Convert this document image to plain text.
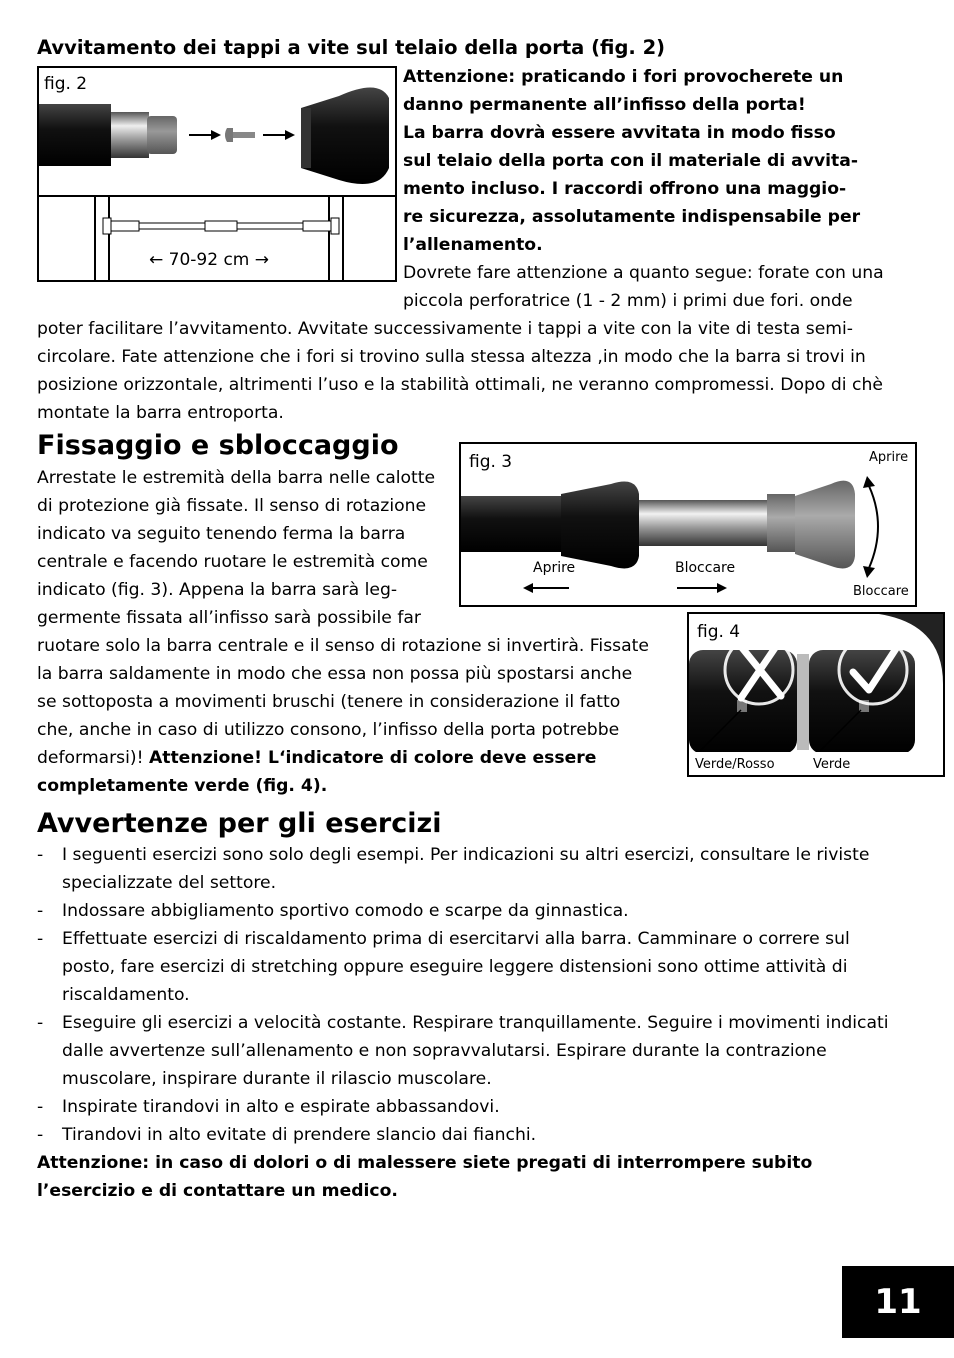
Avvitamento dei tappi a vite sul telaio della porta (fig. 2)
fig. 2
← 70-92 cm →
Attenzione: praticando i fori provocherete un
danno permanente all’infisso della porta!
La barra dovrà essere avvitata in modo fisso
sul telaio della porta con il materiale di avvita-
mento incluso. I raccordi offrono una maggio-
re sicurezza, assolutamente indispensabile per
l’allenamento.
Dovrete fare attenzione a quanto segue: forate con una
piccola perforatrice (1 - 2 mm) i primi due fori. onde
poter facilitare l’avvitamento. Avvitate successivamente i tappi a vite con la vite di testa semi-
circolare. Fate attenzione che i fori si trovino sulla stessa altezza ,in modo che la barra si trovi in
posizione orizzontale, altrimenti l’uso e la stabilità ottimali, ne veranno compromessi. Dopo di chè
montate la barra entroporta.
Fissaggio e sbloccaggio
fig. 3	Aprire
Aprire	Bloccare
Bloccare
fig. 4
Verde/Rosso	Verde
Arrestate le estremità della barra nelle calotte
di protezione già fissate. Il senso di rotazione
indicato va seguito tenendo ferma la barra
centrale e facendo ruotare le estremità come
indicato (fig. 3). Appena la barra sarà leg-
germente fissata all’infisso sarà possibile far
ruotare solo la barra centrale e il senso di rotazione si invertirà. Fissate
la barra saldamente in modo che essa non possa più spostarsi anche
se sottoposta a movimenti bruschi (tenere in considerazione il fatto
che, anche in caso di utilizzo consono, l’infisso della porta potrebbe
deformarsi)! Attenzione! L‘indicatore di colore deve essere
completamente verde (fig. 4).
Avvertenze per gli esercizi
- I seguenti esercizi sono solo degli esempi. Per indicazioni su altri esercizi, consultare le riviste
specializzate del settore.
- Indossare abbigliamento sportivo comodo e scarpe da ginnastica.
- Effettuate esercizi di riscaldamento prima di esercitarvi alla barra. Camminare o correre sul
posto, fare esercizi di stretching oppure eseguire leggere distensioni sono ottime attività di
riscaldamento.
- Eseguire gli esercizi a velocità costante. Respirare tranquillamente. Seguire i movimenti indicati
dalle avvertenze sull’allenamento e non sopravvalutarsi. Espirare durante la contrazione
muscolare, inspirare durante il rilascio muscolare.
- Inspirate tirandovi in alto e espirate abbassandovi.
- Tirandovi in alto evitate di prendere slancio dai fianchi.
Attenzione: in caso di dolori o di malessere siete pregati di interrompere subito
l’esercizio e di contattare un medico.
11
